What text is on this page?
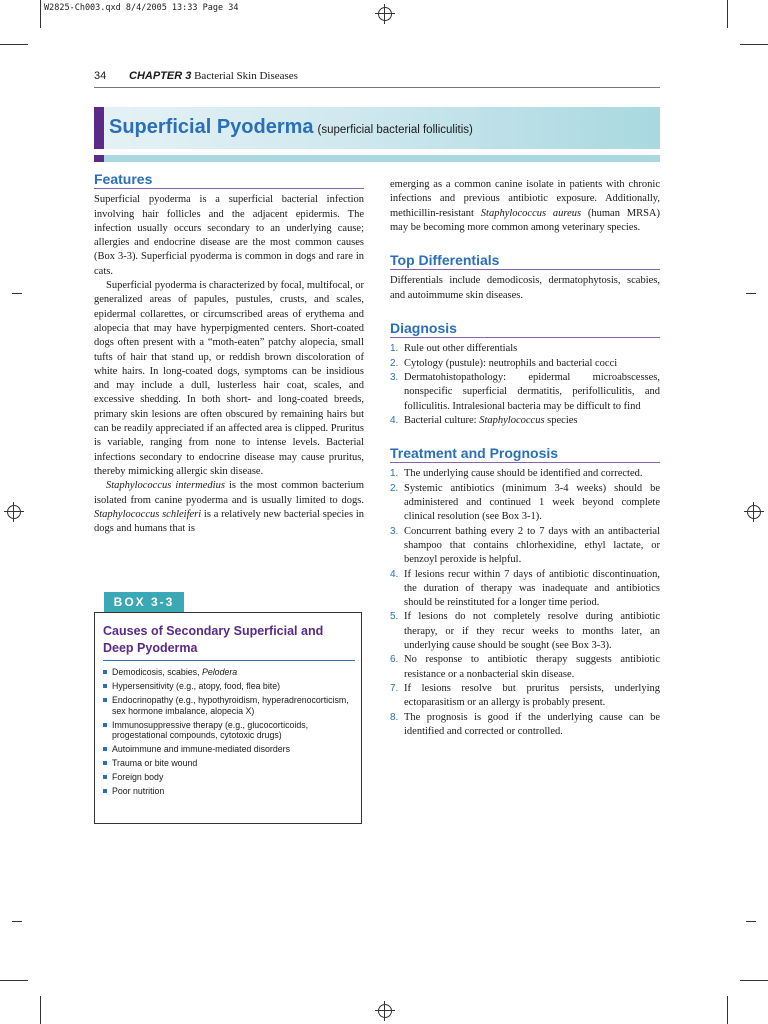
W2825-Ch003.qxd 8/4/2005 13:33 Page 34
34 CHAPTER 3 Bacterial Skin Diseases
Superficial Pyoderma (superficial bacterial folliculitis)
Features

Superficial pyoderma is a superficial bacterial infection involving hair follicles and the adjacent epidermis. The infection usually occurs secondary to an underlying cause; allergies and endocrine disease are the most common causes (Box 3-3). Superficial pyoderma is common in dogs and rare in cats.

Superficial pyoderma is characterized by focal, multifocal, or generalized areas of papules, pustules, crusts, and scales, epidermal collarettes, or circumscribed areas of erythema and alopecia that may have hyperpigmented centers. Short-coated dogs often present with a “moth-eaten” patchy alopecia, small tufts of hair that stand up, or reddish brown discoloration of white hairs. In long-coated dogs, symptoms can be insidious and may include a dull, lusterless hair coat, scales, and excessive shedding. In both short- and long-coated breeds, primary skin lesions are often obscured by remaining hairs but can be readily appreciated if an affected area is clipped. Pruritus is variable, ranging from none to intense levels. Bacterial infections secondary to endocrine disease may cause pruritus, thereby mimicking allergic skin disease.

Staphylococcus intermedius is the most common bacterium isolated from canine pyoderma and is usually limited to dogs. Staphylococcus schleiferi is a relatively new bacterial species in dogs and humans that is

BOX 3-3
Causes of Secondary Superficial and Deep Pyoderma
Demodicosis, scabies, Pelodera
Hypersensitivity (e.g., atopy, food, flea bite)
Endocrinopathy (e.g., hypothyroidism, hyperadrenocorticism, sex hormone imbalance, alopecia X)
Immunosuppressive therapy (e.g., glucocorticoids, progestational compounds, cytotoxic drugs)
Autoimmune and immune-mediated disorders
Trauma or bite wound
Foreign body
Poor nutrition

emerging as a common canine isolate in patients with chronic infections and previous antibiotic exposure. Additionally, methicillin-resistant Staphylococcus aureus (human MRSA) may be becoming more common among veterinary species.

Top Differentials

Differentials include demodicosis, dermatophytosis, scabies, and autoimmume skin diseases.

Diagnosis
1. Rule out other differentials
2. Cytology (pustule): neutrophils and bacterial cocci
3. Dermatohistopathology: epidermal microabscesses, nonspecific superficial dermatitis, perifolliculitis, and folliculitis. Intralesional bacteria may be difficult to find
4. Bacterial culture: Staphylococcus species
Treatment and Prognosis
1. The underlying cause should be identified and corrected.
2. Systemic antibiotics (minimum 3-4 weeks) should be administered and continued 1 week beyond complete clinical resolution (see Box 3-1).
3. Concurrent bathing every 2 to 7 days with an antibacterial shampoo that contains chlorhexidine, ethyl lactate, or benzoyl peroxide is helpful.
4. If lesions recur within 7 days of antibiotic discontinuation, the duration of therapy was inadequate and antibiotics should be reinstituted for a longer time period.
5. If lesions do not completely resolve during antibiotic therapy, or if they recur weeks to months later, an underlying cause should be sought (see Box 3-3).
6. No response to antibiotic therapy suggests antibiotic resistance or a nonbacterial skin disease.
7. If lesions resolve but pruritus persists, underlying ectoparasitism or an allergy is probably present.
8. The prognosis is good if the underlying cause can be identified and corrected or controlled.
